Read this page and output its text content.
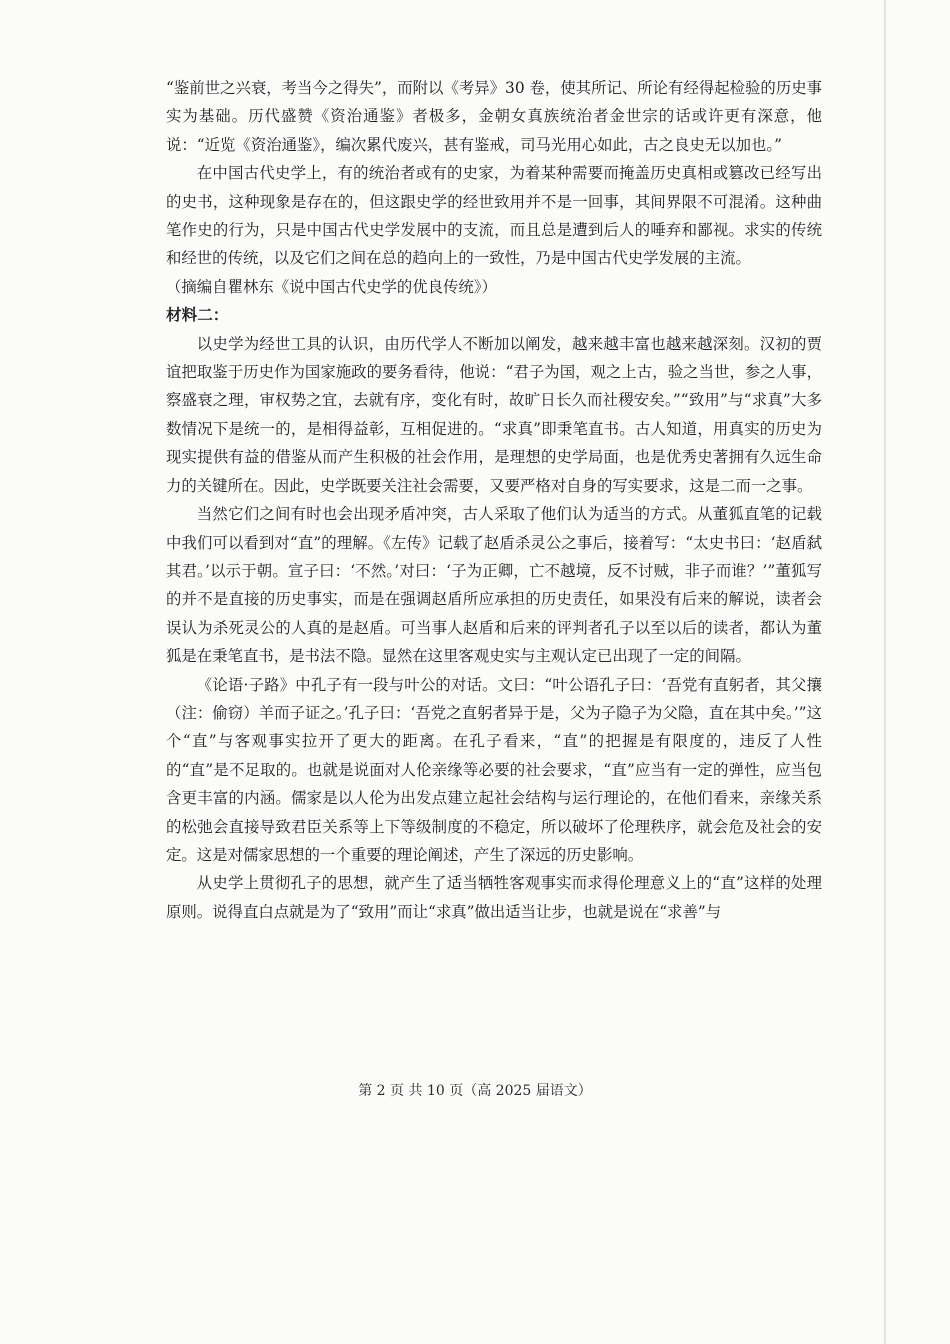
“鉴前世之兴衰，考当今之得失”，而附以《考异》30 卷，使其所记、所论有经得起检验的历史事实为基础。历代盛赞《资治通鉴》者极多，金朝女真族统治者金世宗的话或许更有深意，他说：“近览《资治通鉴》，编次累代废兴，甚有鉴戒，司马光用心如此，古之良史无以加也。”

在中国古代史学上，有的统治者或有的史家，为着某种需要而掩盖历史真相或篡改已经写出的史书，这种现象是存在的，但这跟史学的经世致用并不是一回事，其间界限不可混淆。这种曲笔作史的行为，只是中国古代史学发展中的支流，而且总是遭到后人的唾弃和鄙视。求实的传统和经世的传统，以及它们之间在总的趋向上的一致性，乃是中国古代史学发展的主流。

（摘编自瞿林东《说中国古代史学的优良传统》）

材料二：

以史学为经世工具的认识，由历代学人不断加以阐发，越来越丰富也越来越深刻。汉初的贾谊把取鉴于历史作为国家施政的要务看待，他说：“君子为国，观之上古，验之当世，参之人事，察盛衰之理，审权势之宜，去就有序，变化有时，故旷日长久而社稷安矣。”“致用”与“求真”大多数情况下是统一的，是相得益彰，互相促进的。“求真”即秉笔直书。古人知道，用真实的历史为现实提供有益的借鉴从而产生积极的社会作用，是理想的史学局面，也是优秀史著拥有久远生命力的关键所在。因此，史学既要关注社会需要，又要严格对自身的写实要求，这是二而一之事。

当然它们之间有时也会出现矛盾冲突，古人采取了他们认为适当的方式。从董狐直笔的记载中我们可以看到对“直”的理解。《左传》记载了赵盾杀灵公之事后，接着写：“太史书曰：‘赵盾弑其君。’以示于朝。宣子曰：‘不然。’对曰：‘子为正卿，亡不越境，反不讨贼，非子而谁？’”董狐写的并不是直接的历史事实，而是在强调赵盾所应承担的历史责任，如果没有后来的解说，读者会误认为杀死灵公的人真的是赵盾。可当事人赵盾和后来的评判者孔子以至以后的读者，都认为董狐是在秉笔直书，是书法不隐。显然在这里客观史实与主观认定已出现了一定的间隔。

《论语·子路》中孔子有一段与叶公的对话。文曰：“叶公语孔子曰：‘吾党有直躬者，其父攘（注：偷窃）羊而子证之。’孔子曰：‘吾党之直躬者异于是，父为子隐子为父隐，直在其中矣。’”这个“直”与客观事实拉开了更大的距离。在孔子看来，“直”的把握是有限度的，违反了人性的“直”是不足取的。也就是说面对人伦亲缘等必要的社会要求，“直”应当有一定的弹性，应当包含更丰富的内涵。儒家是以人伦为出发点建立起社会结构与运行理论的，在他们看来，亲缘关系的松弛会直接导致君臣关系等上下等级制度的不稳定，所以破坏了伦理秩序，就会危及社会的安定。这是对儒家思想的一个重要的理论阐述，产生了深远的历史影响。

从史学上贯彻孔子的思想，就产生了适当牺牲客观事实而求得伦理意义上的“直”这样的处理原则。说得直白点就是为了“致用”而让“求真”做出适当让步，也就是说在“求善”与

第 2 页 共 10 页（高 2025 届语文）
